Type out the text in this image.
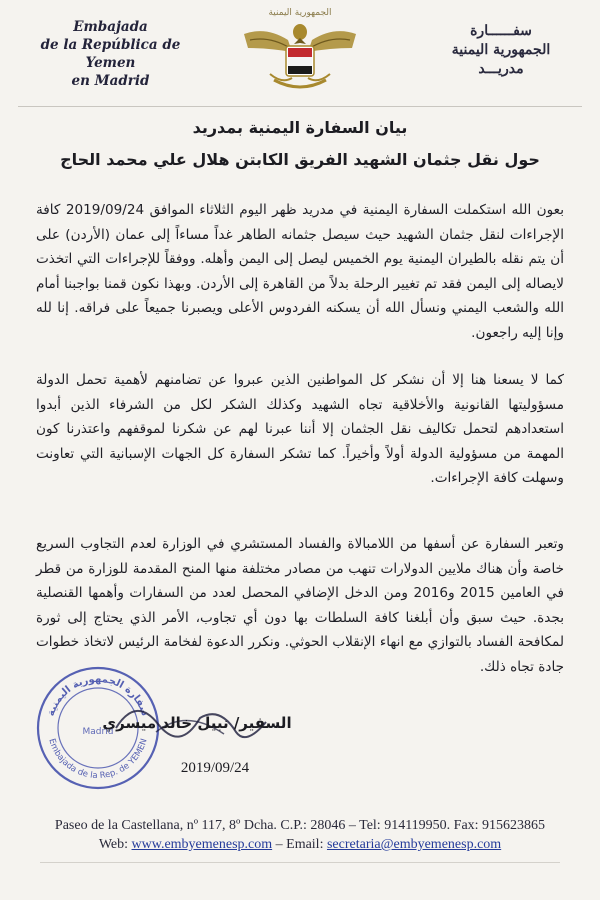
Embajada
de la República de Yemen
en Madrid
الجمهورية اليمنية
سفــــــارة
الجمهورية اليمنية
مدريـــد
بيان السفارة اليمنية بمدريد
حول نقل جثمان الشهيد الفريق الكابتن هلال علي محمد الحاج
بعون الله استكملت السفارة اليمنية في مدريد ظهر اليوم الثلاثاء الموافق 2019/09/24 كافة الإجراءات لنقل جثمان الشهيد حيث سيصل جثمانه الطاهر غداً مساءاً إلى عمان (الأردن) على أن يتم نقله بالطيران اليمنية يوم الخميس ليصل إلى اليمن وأهله. ووفقاً للإجراءات التي اتخذت لايصاله إلى اليمن فقد تم تغيير الرحلة بدلاً من القاهرة إلى الأردن. وبهذا نكون قمنا بواجبنا أمام الله والشعب اليمني ونسأل الله أن يسكنه الفردوس الأعلى ويصبرنا جميعاً على فراقه. إنا لله وإنا إليه راجعون.
كما لا يسعنا هنا إلا أن نشكر كل المواطنين الذين عبروا عن تضامنهم لأهمية تحمل الدولة مسؤوليتها القانونية والأخلاقية تجاه الشهيد وكذلك الشكر لكل من الشرفاء الذين أبدوا استعدادهم لتحمل تكاليف نقل الجثمان إلا أننا عبرنا لهم عن شكرنا لموقفهم واعتذرنا كون المهمة من مسؤولية الدولة أولاً وأخيراً. كما تشكر السفارة كل الجهات الإسبانية التي تعاونت وسهلت كافة الإجراءات.
وتعبر السفارة عن أسفها من اللامبالاة والفساد المستشري في الوزارة لعدم التجاوب السريع خاصة وأن هناك ملايين الدولارات تنهب من مصادر مختلفة منها المنح المقدمة للوزارة من قطر في العامين 2015 و2016 ومن الدخل الإضافي المحصل لعدد من السفارات وأهمها القنصلية بجدة. حيث سبق وأن أبلغنا كافة السلطات بها دون أي تجاوب، الأمر الذي يحتاج إلى ثورة لمكافحة الفساد بالتوازي مع انهاء الإنقلاب الحوثي. ونكرر الدعوة لفخامة الرئيس لاتخاذ خطوات جادة تجاه ذلك.
سفارة الجمهورية اليمنية
Embajada de la Rep. de YEMEN
Madrid
السفير/ نبيل خالد ميسري
2019/09/24
Paseo de la Castellana, nº 117, 8º Dcha. C.P.: 28046 – Tel: 914119950. Fax: 915623865
Web: www.embyemenesp.com – Email: secretaria@embyemenesp.com
